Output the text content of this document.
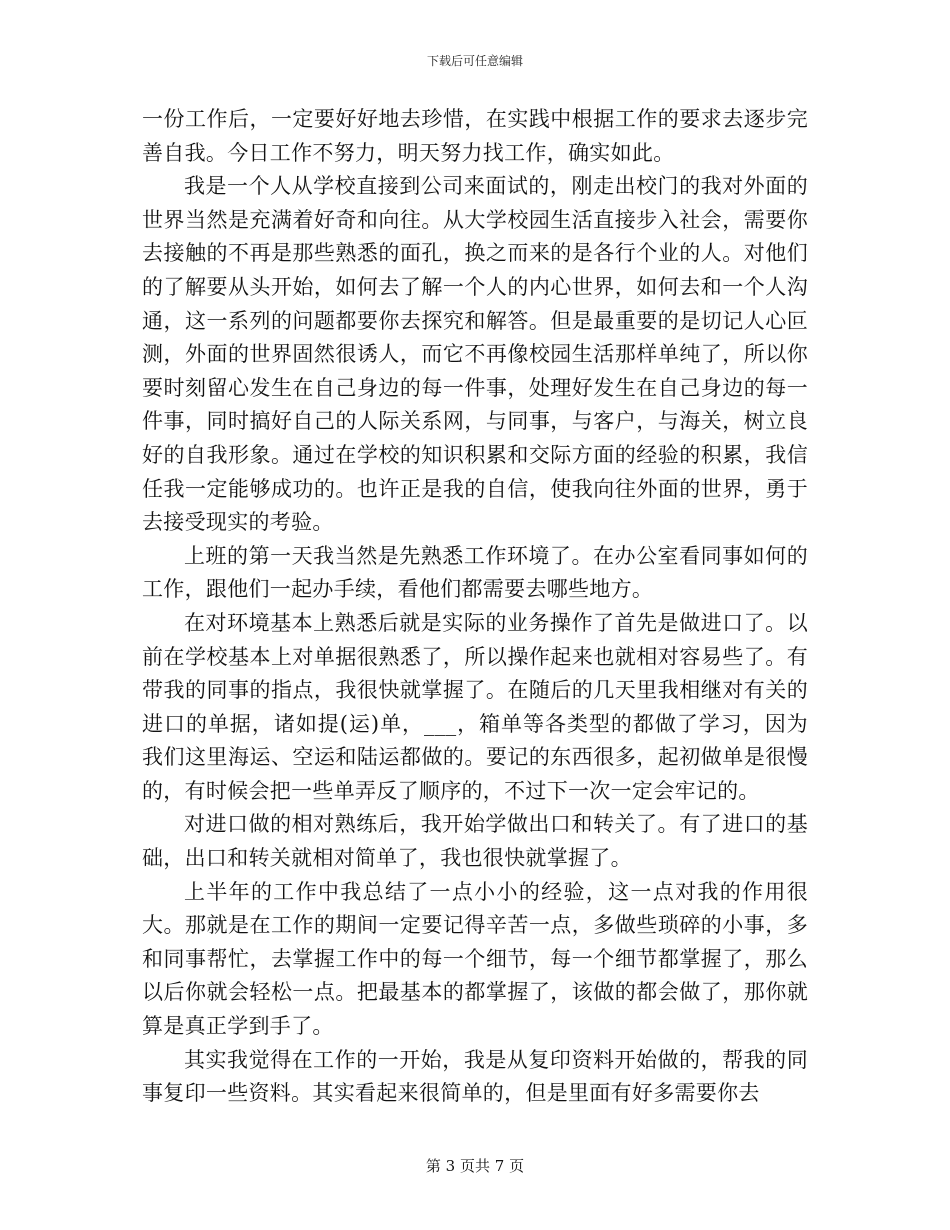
下载后可任意编辑

一份工作后，一定要好好地去珍惜，在实践中根据工作的要求去逐步完善自我。今日工作不努力，明天努力找工作，确实如此。

我是一个人从学校直接到公司来面试的，刚走出校门的我对外面的世界当然是充满着好奇和向往。从大学校园生活直接步入社会，需要你去接触的不再是那些熟悉的面孔，换之而来的是各行个业的人。对他们的了解要从头开始，如何去了解一个人的内心世界，如何去和一个人沟通，这一系列的问题都要你去探究和解答。但是最重要的是切记人心叵测，外面的世界固然很诱人，而它不再像校园生活那样单纯了，所以你要时刻留心发生在自己身边的每一件事，处理好发生在自己身边的每一件事，同时搞好自己的人际关系网，与同事，与客户，与海关，树立良好的自我形象。通过在学校的知识积累和交际方面的经验的积累，我信任我一定能够成功的。也许正是我的自信，使我向往外面的世界，勇于去接受现实的考验。

上班的第一天我当然是先熟悉工作环境了。在办公室看同事如何的工作，跟他们一起办手续，看他们都需要去哪些地方。

在对环境基本上熟悉后就是实际的业务操作了首先是做进口了。以前在学校基本上对单据很熟悉了，所以操作起来也就相对容易些了。有带我的同事的指点，我很快就掌握了。在随后的几天里我相继对有关的进口的单据，诸如提(运)单，___，箱单等各类型的都做了学习，因为我们这里海运、空运和陆运都做的。要记的东西很多，起初做单是很慢的，有时候会把一些单弄反了顺序的，不过下一次一定会牢记的。

对进口做的相对熟练后，我开始学做出口和转关了。有了进口的基础，出口和转关就相对简单了，我也很快就掌握了。

上半年的工作中我总结了一点小小的经验，这一点对我的作用很大。那就是在工作的期间一定要记得辛苦一点，多做些琐碎的小事，多和同事帮忙，去掌握工作中的每一个细节，每一个细节都掌握了，那么以后你就会轻松一点。把最基本的都掌握了，该做的都会做了，那你就算是真正学到手了。

其实我觉得在工作的一开始，我是从复印资料开始做的，帮我的同事复印一些资料。其实看起来很简单的，但是里面有好多需要你去

第 3 页共 7 页
